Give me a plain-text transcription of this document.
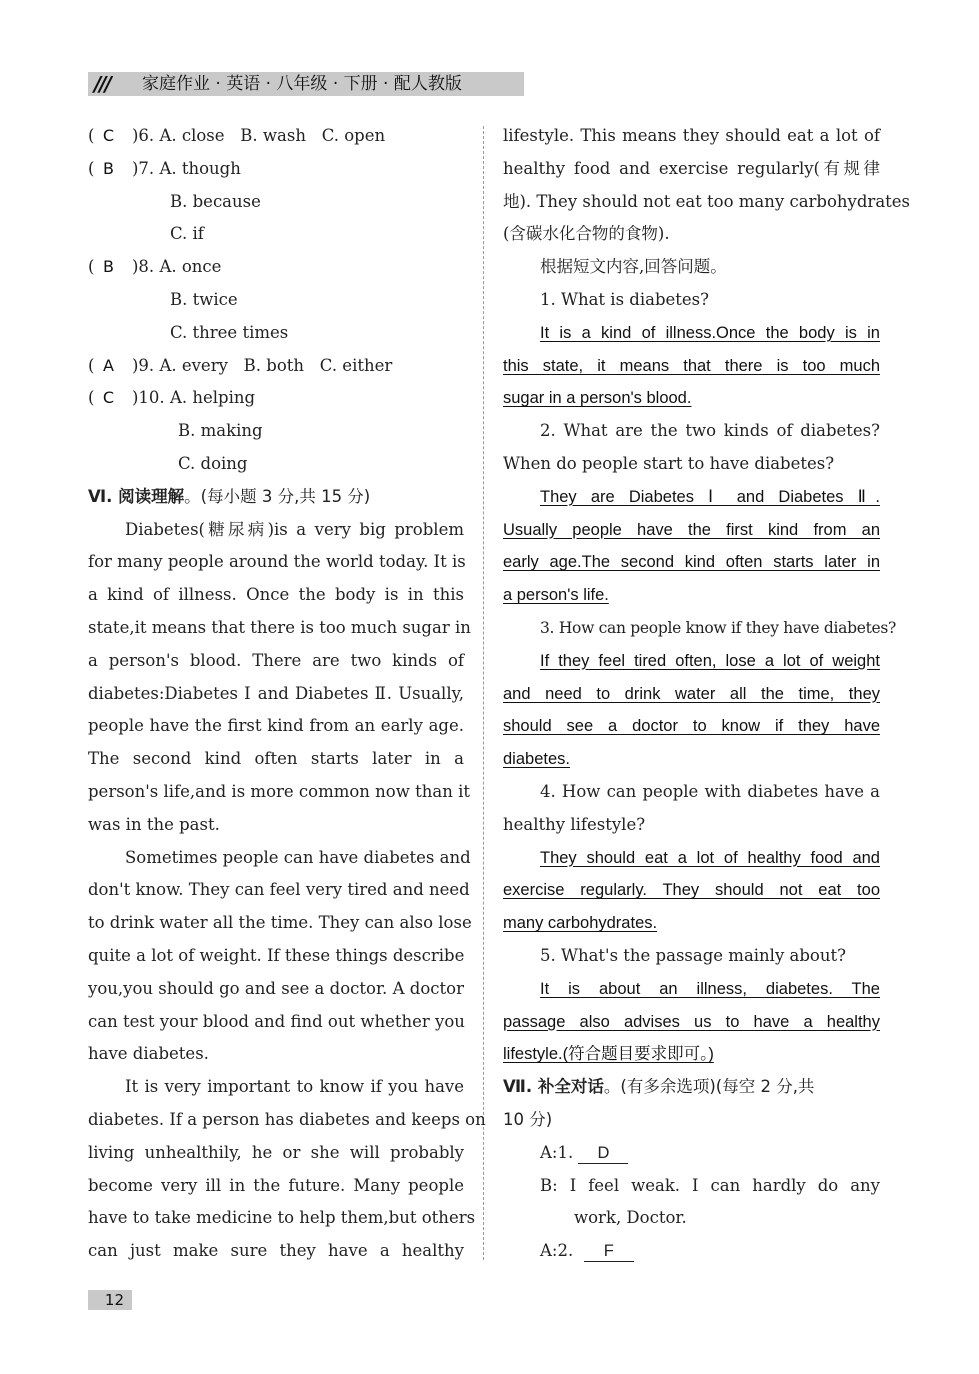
/// 家庭作业 · 英语 · 八年级 · 下册 · 配人教版
( C )6. A. close B. wash C. open
( B )7. A. though
B. because
C. if
( B )8. A. once
B. twice
C. three times
( A )9. A. every B. both C. either
( C )10. A. helping
B. making
C. doing
Ⅵ. 阅读理解。(每小题 3 分,共 15 分)
Diabetes(糖尿病)is a very big problem
for many people around the world today. It is
a kind of illness. Once the body is in this
state,it means that there is too much sugar in
a person's blood. There are two kinds of
diabetes:Diabetes Ⅰ and Diabetes Ⅱ. Usually,
people have the first kind from an early age.
The second kind often starts later in a
person's life,and is more common now than it
was in the past.
Sometimes people can have diabetes and
don't know. They can feel very tired and need
to drink water all the time. They can also lose
quite a lot of weight. If these things describe
you,you should go and see a doctor. A doctor
can test your blood and find out whether you
have diabetes.
It is very important to know if you have
diabetes. If a person has diabetes and keeps on
living unhealthily, he or she will probably
become very ill in the future. Many people
have to take medicine to help them,but others
can just make sure they have a healthy
lifestyle. This means they should eat a lot of
healthy food and exercise regularly(有规律
地). They should not eat too many carbohydrates
(含碳水化合物的食物).
根据短文内容,回答问题。
1. What is diabetes?
It is a kind of illness.Once the body is in
this state, it means that there is too much
sugar in a person's blood.
2. What are the two kinds of diabetes?
When do people start to have diabetes?
They are Diabetes Ⅰ and Diabetes Ⅱ.
Usually people have the first kind from an
early age.The second kind often starts later in
a person's life.
3. How can people know if they have diabetes?
If they feel tired often, lose a lot of weight
and need to drink water all the time, they
should see a doctor to know if they have
diabetes.
4. How can people with diabetes have a
healthy lifestyle?
They should eat a lot of healthy food and
exercise regularly. They should not eat too
many carbohydrates.
5. What's the passage mainly about?
It is about an illness, diabetes. The
passage also advises us to have a healthy
lifestyle.(符合题目要求即可。)
Ⅶ. 补全对话。(有多余选项)(每空 2 分,共
10 分)
A:1. D
B: I feel weak. I can hardly do any
work, Doctor.
A:2. F
12
